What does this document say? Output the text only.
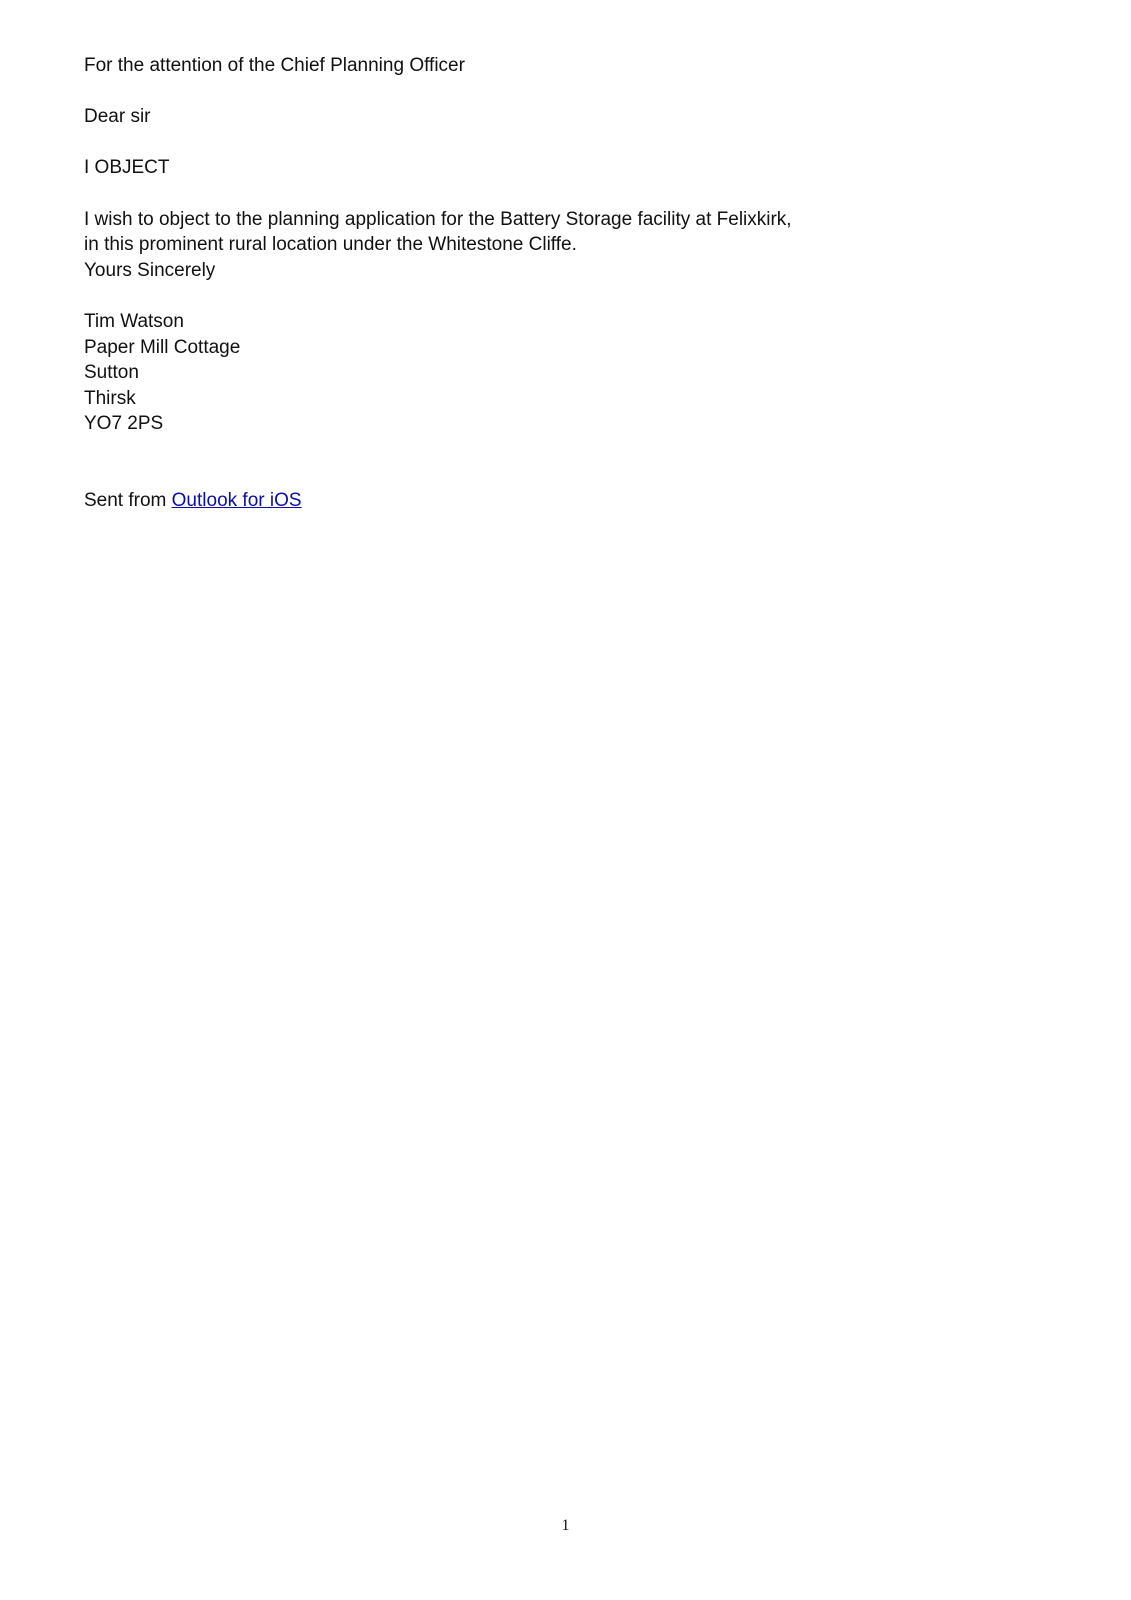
For the attention of the Chief Planning Officer
Dear sir
I OBJECT
I wish to object to the planning application for the Battery Storage facility at Felixkirk,
in this prominent rural location under the Whitestone Cliffe.
Yours Sincerely
Tim Watson
Paper Mill Cottage
Sutton
Thirsk
YO7 2PS
Sent from Outlook for iOS
1
